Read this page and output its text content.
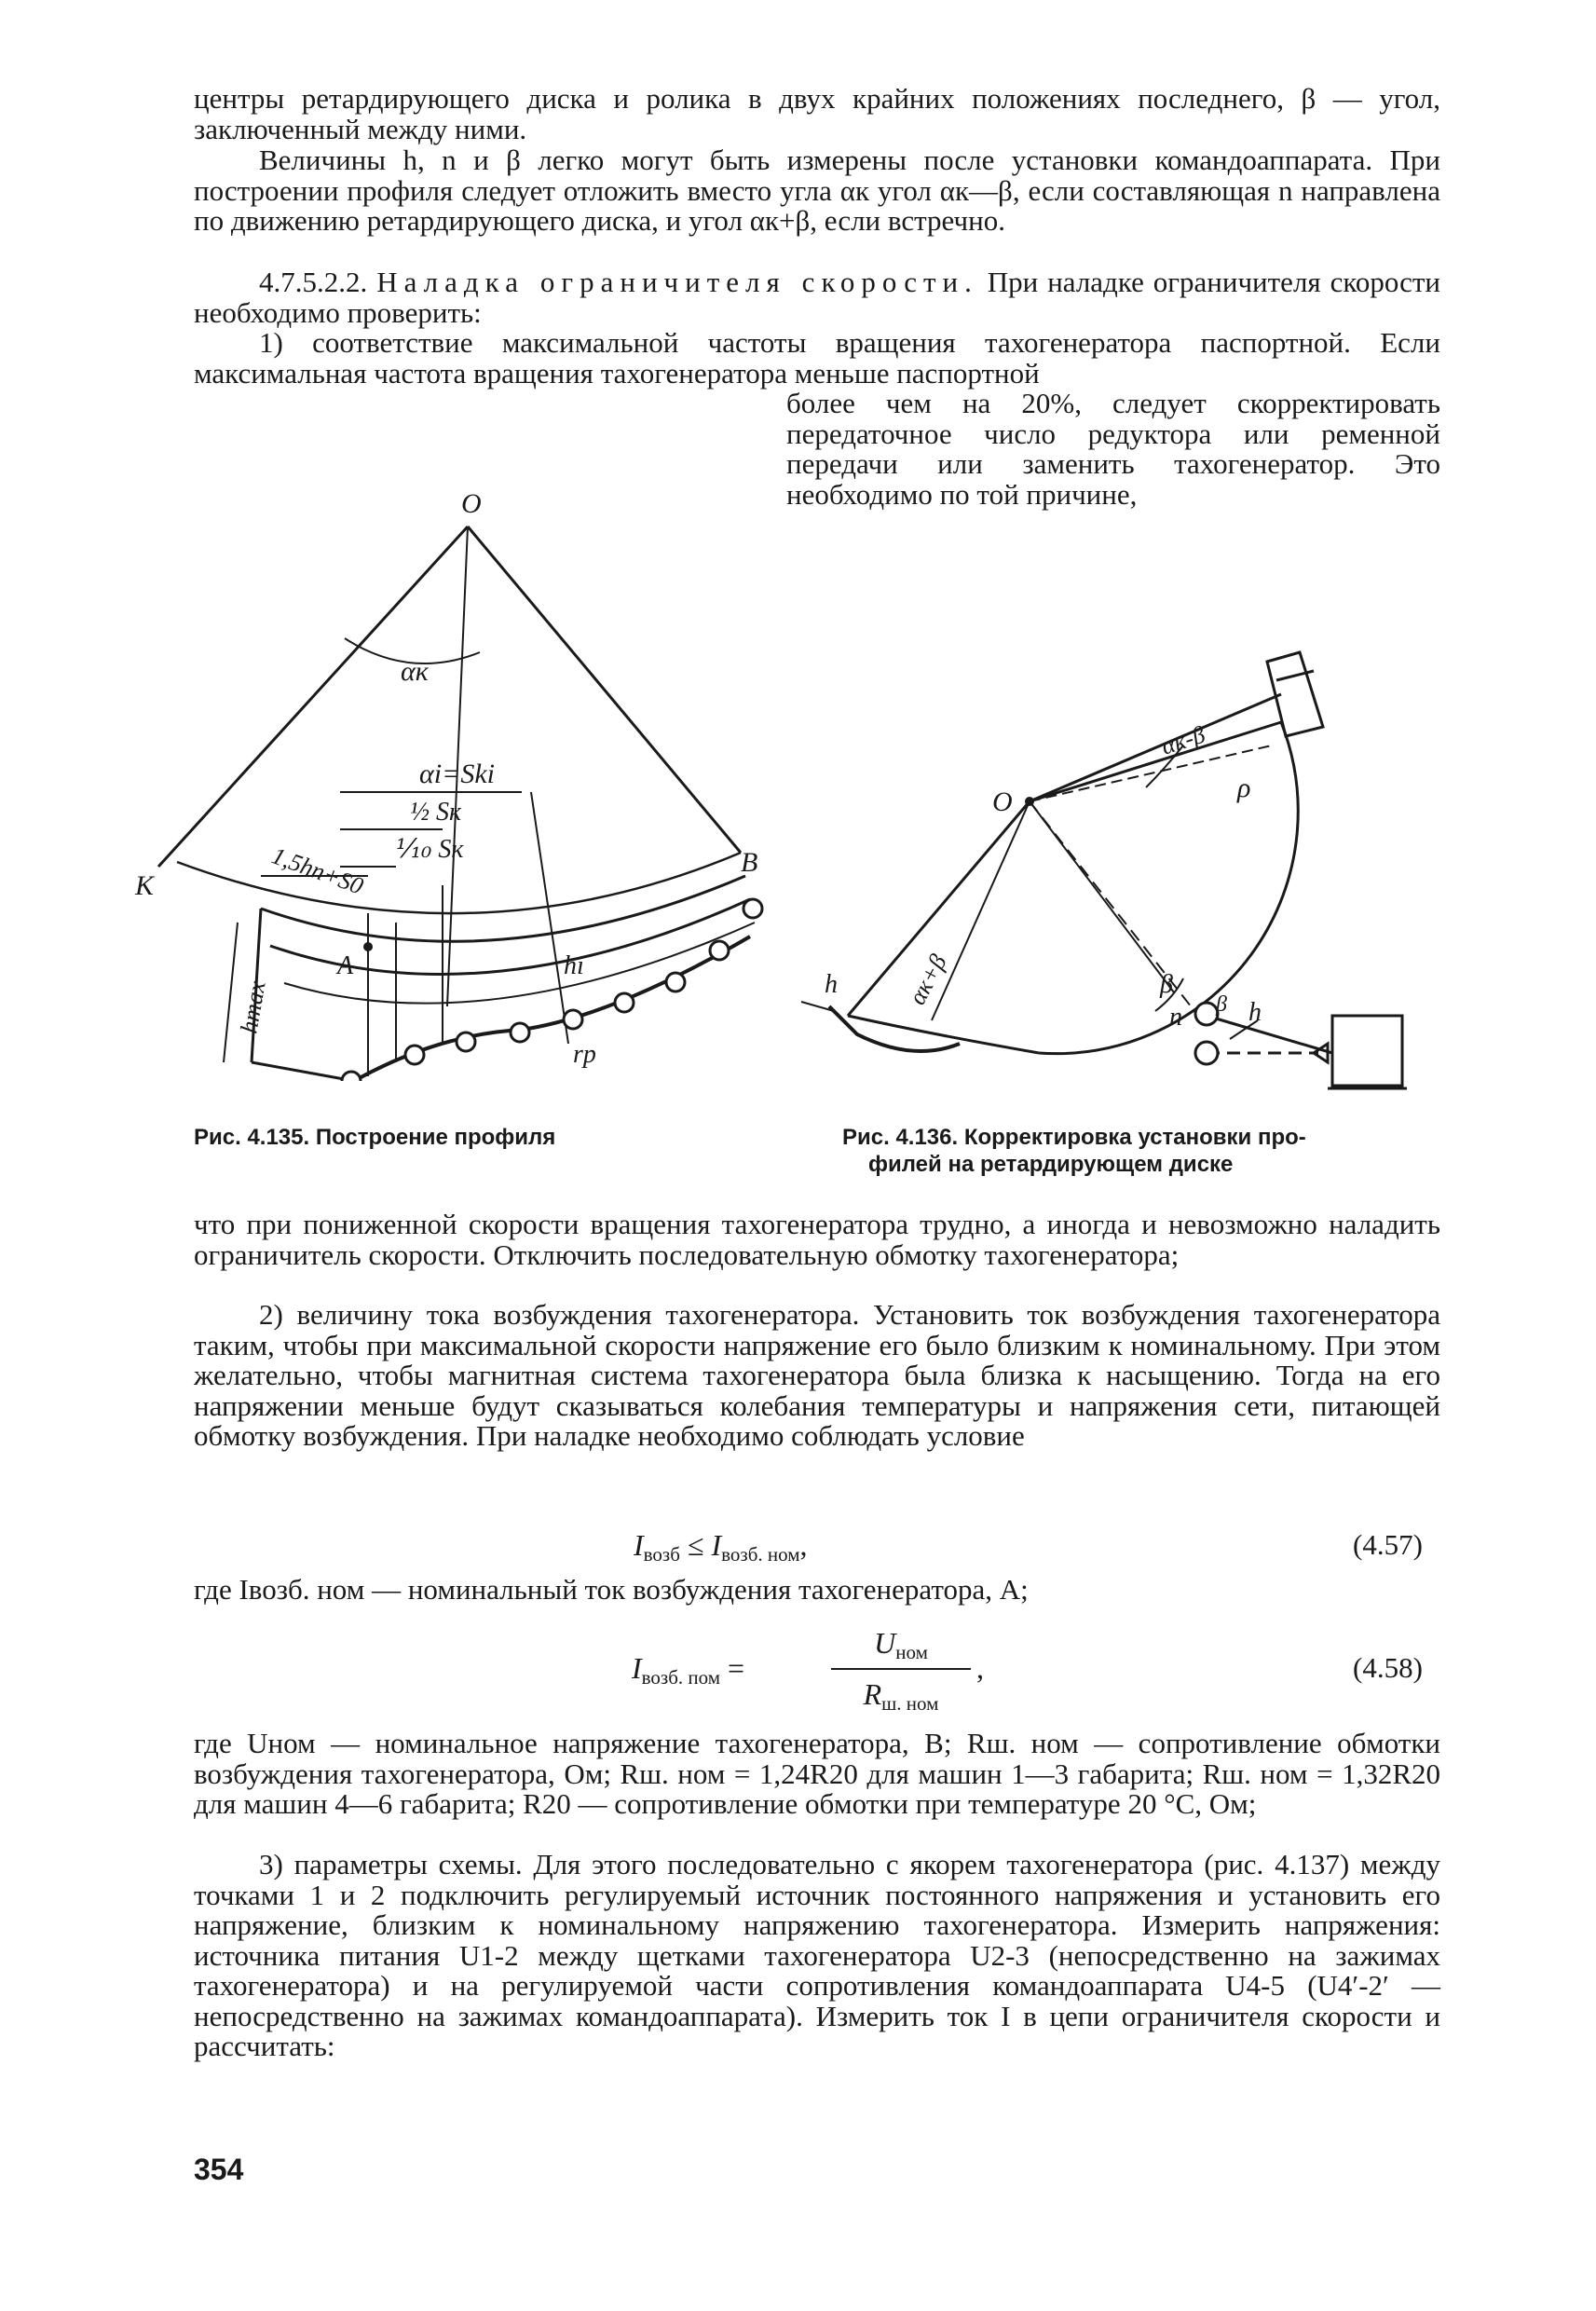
центры ретардирующего диска и ролика в двух крайних положениях последнего, β — угол, заключенный между ними.

Величины h, n и β легко могут быть измерены после установки командоаппарата. При построении профиля следует отложить вместо угла αк угол αк—β, если составляющая n направлена по движению ретардирующего диска, и угол αк+β, если встречно.

4.7.5.2.2. Наладка ограничителя скорости. При наладке ограничителя скорости необходимо проверить:

1) соответствие максимальной частоты вращения тахогенератора паспортной. Если максимальная частота вращения тахогенератора меньше паспортной

более чем на 20%, следует скорректировать передаточное число редуктора или ременной передачи или заменить тахогенератор. Это необходимо по той причине,

O
K
B
A
αк
αi=Ski
½ Sк
⅒ Sк
1,5hп+S0
hmax
hi
rp
O
αк-β
αк+β
ρ
β
h
n β h
Рис. 4.135. Построение профиля	Рис. 4.136. Корректировка установки про-
филей на ретардирующем диске

что при пониженной скорости вращения тахогенератора трудно, а иногда и невозможно наладить ограничитель скорости. Отключить последовательную обмотку тахогенератора;

2) величину тока возбуждения тахогенератора. Установить ток возбуждения тахогенератора таким, чтобы при максимальной скорости напряжение его было близким к номинальному. При этом желательно, чтобы магнитная система тахогенератора была близка к насыщению. Тогда на его напряжении меньше будут сказываться колебания температуры и напряжения сети, питающей обмотку возбуждения. При наладке необходимо соблюдать условие

$I_{возб} \le I_{возб. ном}$,	(4.57)

где Iвозб. ном — номинальный ток возбуждения тахогенератора, А;

$I_{возб. пом}$ =
$U_{ном}$
$R_{ш. ном}$
,	(4.58)

где Uном — номинальное напряжение тахогенератора, В; Rш. ном — сопротивление обмотки возбуждения тахогенератора, Ом; Rш. ном = 1,24R20 для машин 1—3 габарита; Rш. ном = 1,32R20 для машин 4—6 габарита; R20 — сопротивление обмотки при температуре 20 °C, Ом;

3) параметры схемы. Для этого последовательно с якорем тахогенератора (рис. 4.137) между точками 1 и 2 подключить регулируемый источник постоянного напряжения и установить его напряжение, близким к номинальному напряжению тахогенератора. Измерить напряжения: источника питания U1-2 между щетками тахогенератора U2-3 (непосредственно на зажимах тахогенератора) и на регулируемой части сопротивления командоаппарата U4-5 (U4′-2′ — непосредственно на зажимах командоаппарата). Измерить ток I в цепи ограничителя скорости и рассчитать:

354
